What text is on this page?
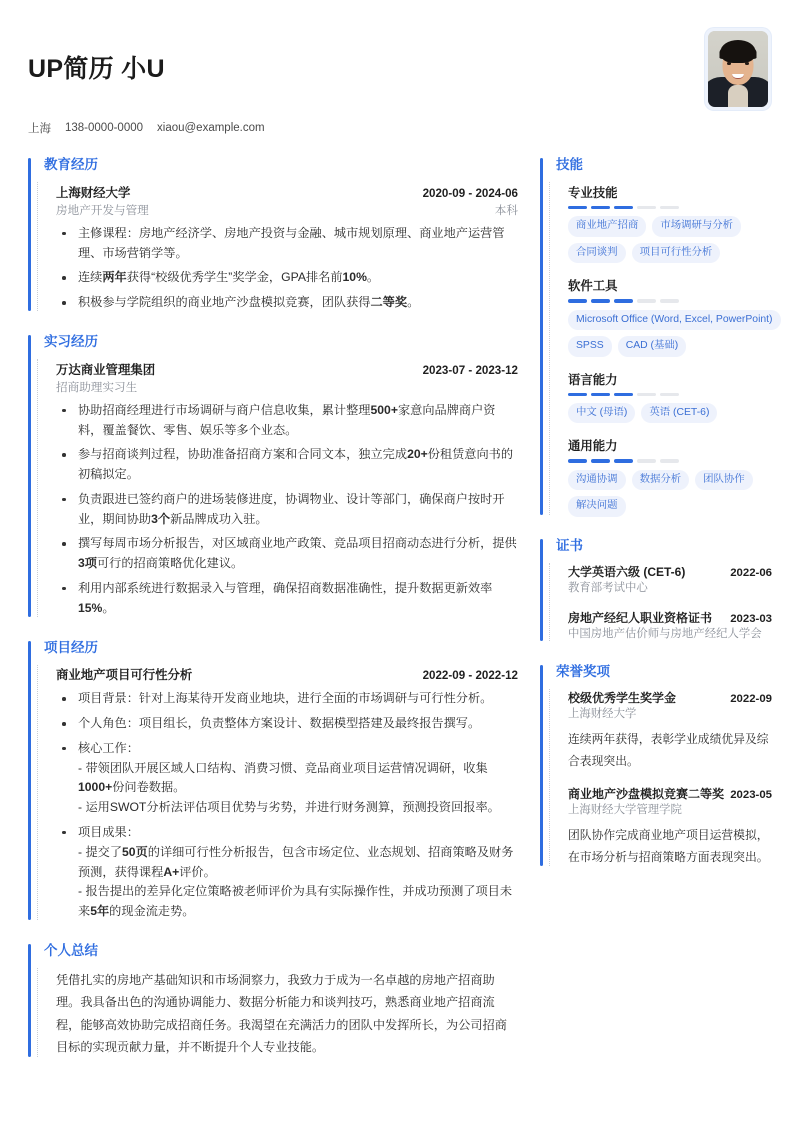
UP简历 小U
上海 138-0000-0000 xiaou@example.com
教育经历
上海财经大学	2020-09 - 2024-06
房地产开发与管理	本科
主修课程：房地产经济学、房地产投资与金融、城市规划原理、商业地产运营管理、市场营销学等。
连续两年获得“校级优秀学生”奖学金，GPA排名前10%。
积极参与学院组织的商业地产沙盘模拟竞赛，团队获得二等奖。
实习经历
万达商业管理集团	2023-07 - 2023-12
招商助理实习生
协助招商经理进行市场调研与商户信息收集，累计整理500+家意向品牌商户资料，覆盖餐饮、零售、娱乐等多个业态。
参与招商谈判过程，协助准备招商方案和合同文本，独立完成20+份租赁意向书的初稿拟定。
负责跟进已签约商户的进场装修进度，协调物业、设计等部门，确保商户按时开业，期间协助3个新品牌成功入驻。
撰写每周市场分析报告，对区域商业地产政策、竞品项目招商动态进行分析，提供3项可行的招商策略优化建议。
利用内部系统进行数据录入与管理，确保招商数据准确性，提升数据更新效率15%。
项目经历
商业地产项目可行性分析	2022-09 - 2022-12
项目背景：针对上海某待开发商业地块，进行全面的市场调研与可行性分析。
个人角色：项目组长，负责整体方案设计、数据模型搭建及最终报告撰写。
核心工作：
- 带领团队开展区域人口结构、消费习惯、竞品商业项目运营情况调研，收集1000+份问卷数据。
- 运用SWOT分析法评估项目优势与劣势，并进行财务测算，预测投资回报率。
项目成果：
- 提交了50页的详细可行性分析报告，包含市场定位、业态规划、招商策略及财务预测，获得课程A+评价。
- 报告提出的差异化定位策略被老师评价为具有实际操作性，并成功预测了项目未来5年的现金流走势。
个人总结
凭借扎实的房地产基础知识和市场洞察力，我致力于成为一名卓越的房地产招商助理。我具备出色的沟通协调能力、数据分析能力和谈判技巧，熟悉商业地产招商流程，能够高效协助完成招商任务。我渴望在充满活力的团队中发挥所长，为公司招商目标的实现贡献力量，并不断提升个人专业技能。
技能
专业技能
商业地产招商	市场调研与分析
合同谈判	项目可行性分析
软件工具
Microsoft Office (Word, Excel, PowerPoint)
SPSS	CAD (基础)
语言能力
中文 (母语)	英语 (CET-6)
通用能力
沟通协调	数据分析	团队协作
解决问题
证书
大学英语六级 (CET-6)	2022-06
教育部考试中心
房地产经纪人职业资格证书 2023-03
中国房地产估价师与房地产经纪人学会
荣誉奖项
校级优秀学生奖学金	2022-09
上海财经大学
连续两年获得，表彰学业成绩优异及综合表现突出。
商业地产沙盘模拟竞赛二等奖 2023-05
上海财经大学管理学院
团队协作完成商业地产项目运营模拟，在市场分析与招商策略方面表现突出。
